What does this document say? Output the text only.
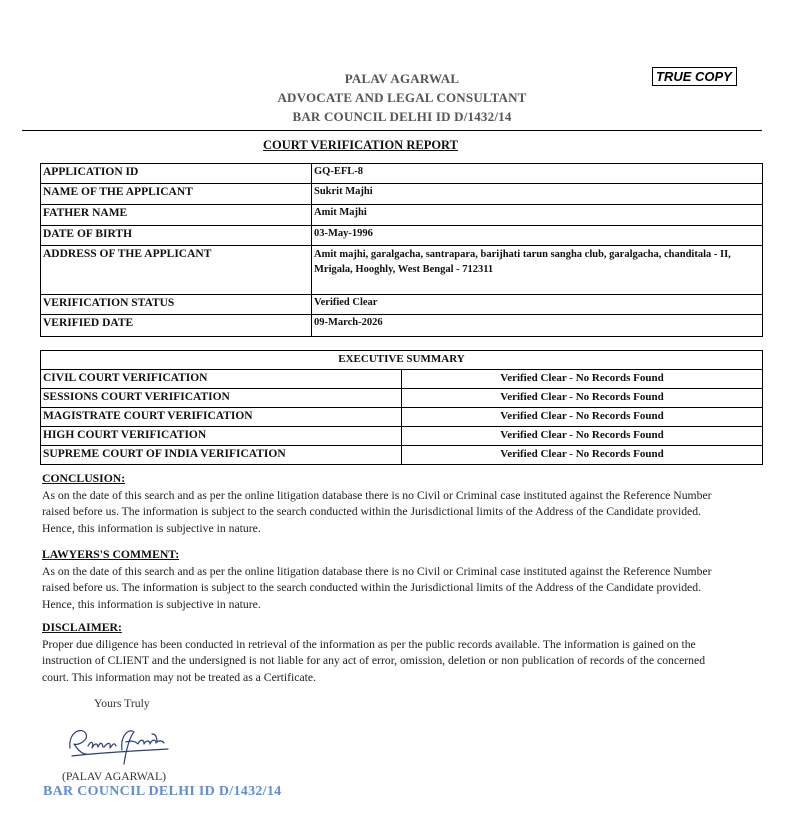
PALAV AGARWAL
ADVOCATE AND LEGAL CONSULTANT
BAR COUNCIL DELHI ID D/1432/14
TRUE COPY
COURT VERIFICATION REPORT
APPLICATION ID	GQ-EFL-8
NAME OF THE APPLICANT	Sukrit Majhi
FATHER NAME	Amit Majhi
DATE OF BIRTH	03-May-1996
ADDRESS OF THE APPLICANT	Amit majhi, garalgacha, santrapara, barijhati tarun sangha club, garalgacha, chanditala - II, Mrigala, Hooghly, West Bengal - 712311
VERIFICATION STATUS	Verified Clear
VERIFIED DATE	09-March-2026
EXECUTIVE SUMMARY	
CIVIL COURT VERIFICATION	Verified Clear - No Records Found
SESSIONS COURT VERIFICATION	Verified Clear - No Records Found
MAGISTRATE COURT VERIFICATION	Verified Clear - No Records Found
HIGH COURT VERIFICATION	Verified Clear - No Records Found
SUPREME COURT OF INDIA VERIFICATION	Verified Clear - No Records Found
CONCLUSION:
As on the date of this search and as per the online litigation database there is no Civil or Criminal case instituted against the Reference Number raised before us. The information is subject to the search conducted within the Jurisdictional limits of the Address of the Candidate provided. Hence, this information is subjective in nature.
LAWYERS'S COMMENT:
As on the date of this search and as per the online litigation database there is no Civil or Criminal case instituted against the Reference Number raised before us. The information is subject to the search conducted within the Jurisdictional limits of the Address of the Candidate provided. Hence, this information is subjective in nature.
DISCLAIMER:
Proper due diligence has been conducted in retrieval of the information as per the public records available. The information is gained on the instruction of CLIENT and the undersigned is not liable for any act of error, omission, deletion or non publication of records of the concerned court. This information may not be treated as a Certificate.
Yours Truly
(PALAV AGARWAL)
BAR COUNCIL DELHI ID D/1432/14
